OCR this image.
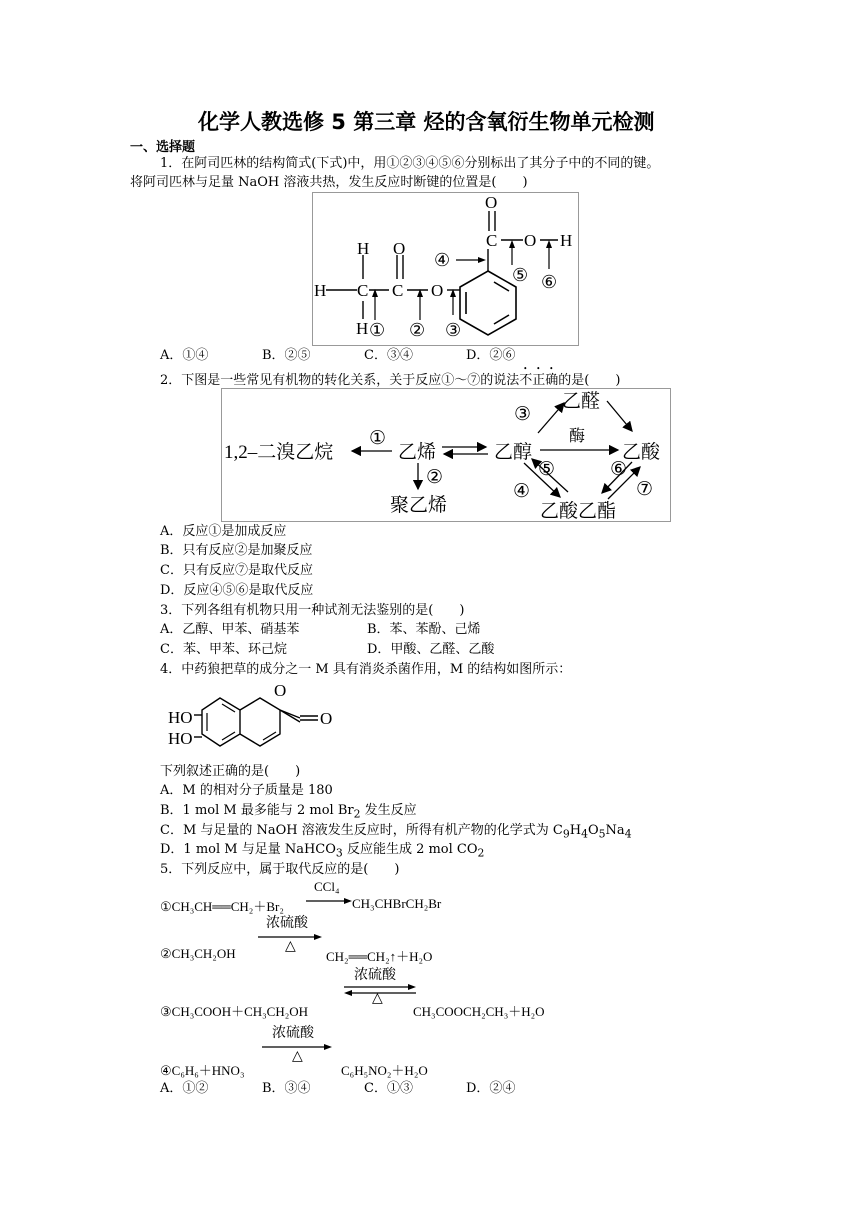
化学人教选修 5 第三章 烃的含氧衍生物单元检测
一、选择题
1．在阿司匹林的结构简式(下式)中，用①②③④⑤⑥分别标出了其分子中的不同的键。
将阿司匹林与足量 NaOH 溶液共热，发生反应时断键的位置是(　　)
H
H C
H
O
C O
O
C O H
① ② ③
④
⑤ ⑥
A．①④	B．②⑤	C．③④	D．②⑥
2．下图是一些常见有机物的转化关系，关于反应①～⑦的说法不正确的是(　　)
1,2–二溴乙烷	乙烯	乙醇	乙酸
乙醛
聚乙烯	乙酸乙酯
酶
①
②
③
④
⑤	⑥
⑦
A．反应①是加成反应
B．只有反应②是加聚反应
C．只有反应⑦是取代反应
D．反应④⑤⑥是取代反应
3．下列各组有机物只用一种试剂无法鉴别的是(　　)
A．乙醇、甲苯、硝基苯	B．苯、苯酚、己烯
C．苯、甲苯、环己烷	D．甲酸、乙醛、乙酸
4．中药狼把草的成分之一 M 具有消炎杀菌作用，M 的结构如图所示：
HO
HO
O
O
下列叙述正确的是(　　)
A．M 的相对分子质量是 180
B．1 mol M 最多能与 2 mol $Br_2$ 发生反应
C．M 与足量的 NaOH 溶液发生反应时，所得有机产物的化学式为 $C_9H_4O_5Na_4$
D．1 mol M 与足量 NaHCO$_3$ 反应能生成 2 mol $CO_2$
5．下列反应中，属于取代反应的是(　　)
①CH₃CH══CH₂＋Br₂
CCl₄
→ CH₃CHBrCH₂Br
浓硫酸
△
②CH₃CH₂OH	CH₂══CH₂↑＋H₂O
浓硫酸
△
③CH₃COOH＋CH₃CH₂OH	CH₃COOCH₂CH₃＋H₂O
浓硫酸
△
④C₆H₆＋HNO₃	C₆H₅NO₂＋H₂O
A．①②	B．③④	C．①③	D．②④
